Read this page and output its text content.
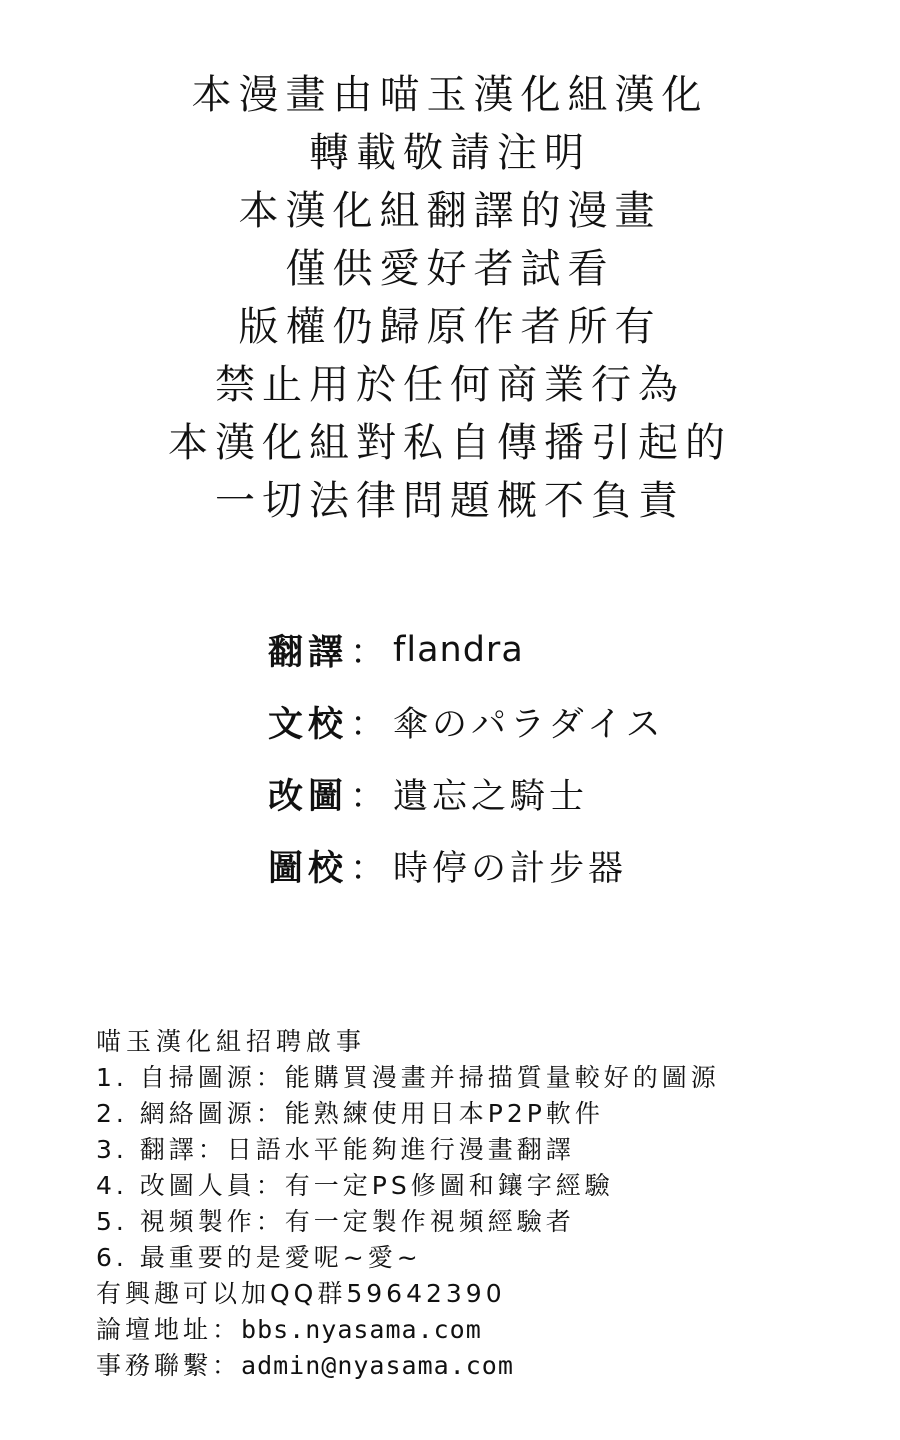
本漫畫由喵玉漢化組漢化
轉載敬請注明
本漢化組翻譯的漫畫
僅供愛好者試看
版權仍歸原作者所有
禁止用於任何商業行為
本漢化組對私自傳播引起的
一切法律問題概不負責
翻譯 ： flandra
文校 ： 傘のパラダイス
改圖 ： 遺忘之騎士
圖校 ： 時停の計步器
喵玉漢化組招聘啟事
1. 自掃圖源：能購買漫畫并掃描質量較好的圖源
2. 網絡圖源：能熟練使用日本P2P軟件
3. 翻譯：日語水平能夠進行漫畫翻譯
4. 改圖人員：有一定PS修圖和鑲字經驗
5. 視頻製作：有一定製作視頻經驗者
6. 最重要的是愛呢~愛~
有興趣可以加QQ群59642390
論壇地址：bbs.nyasama.com
事務聯繫：admin@nyasama.com
